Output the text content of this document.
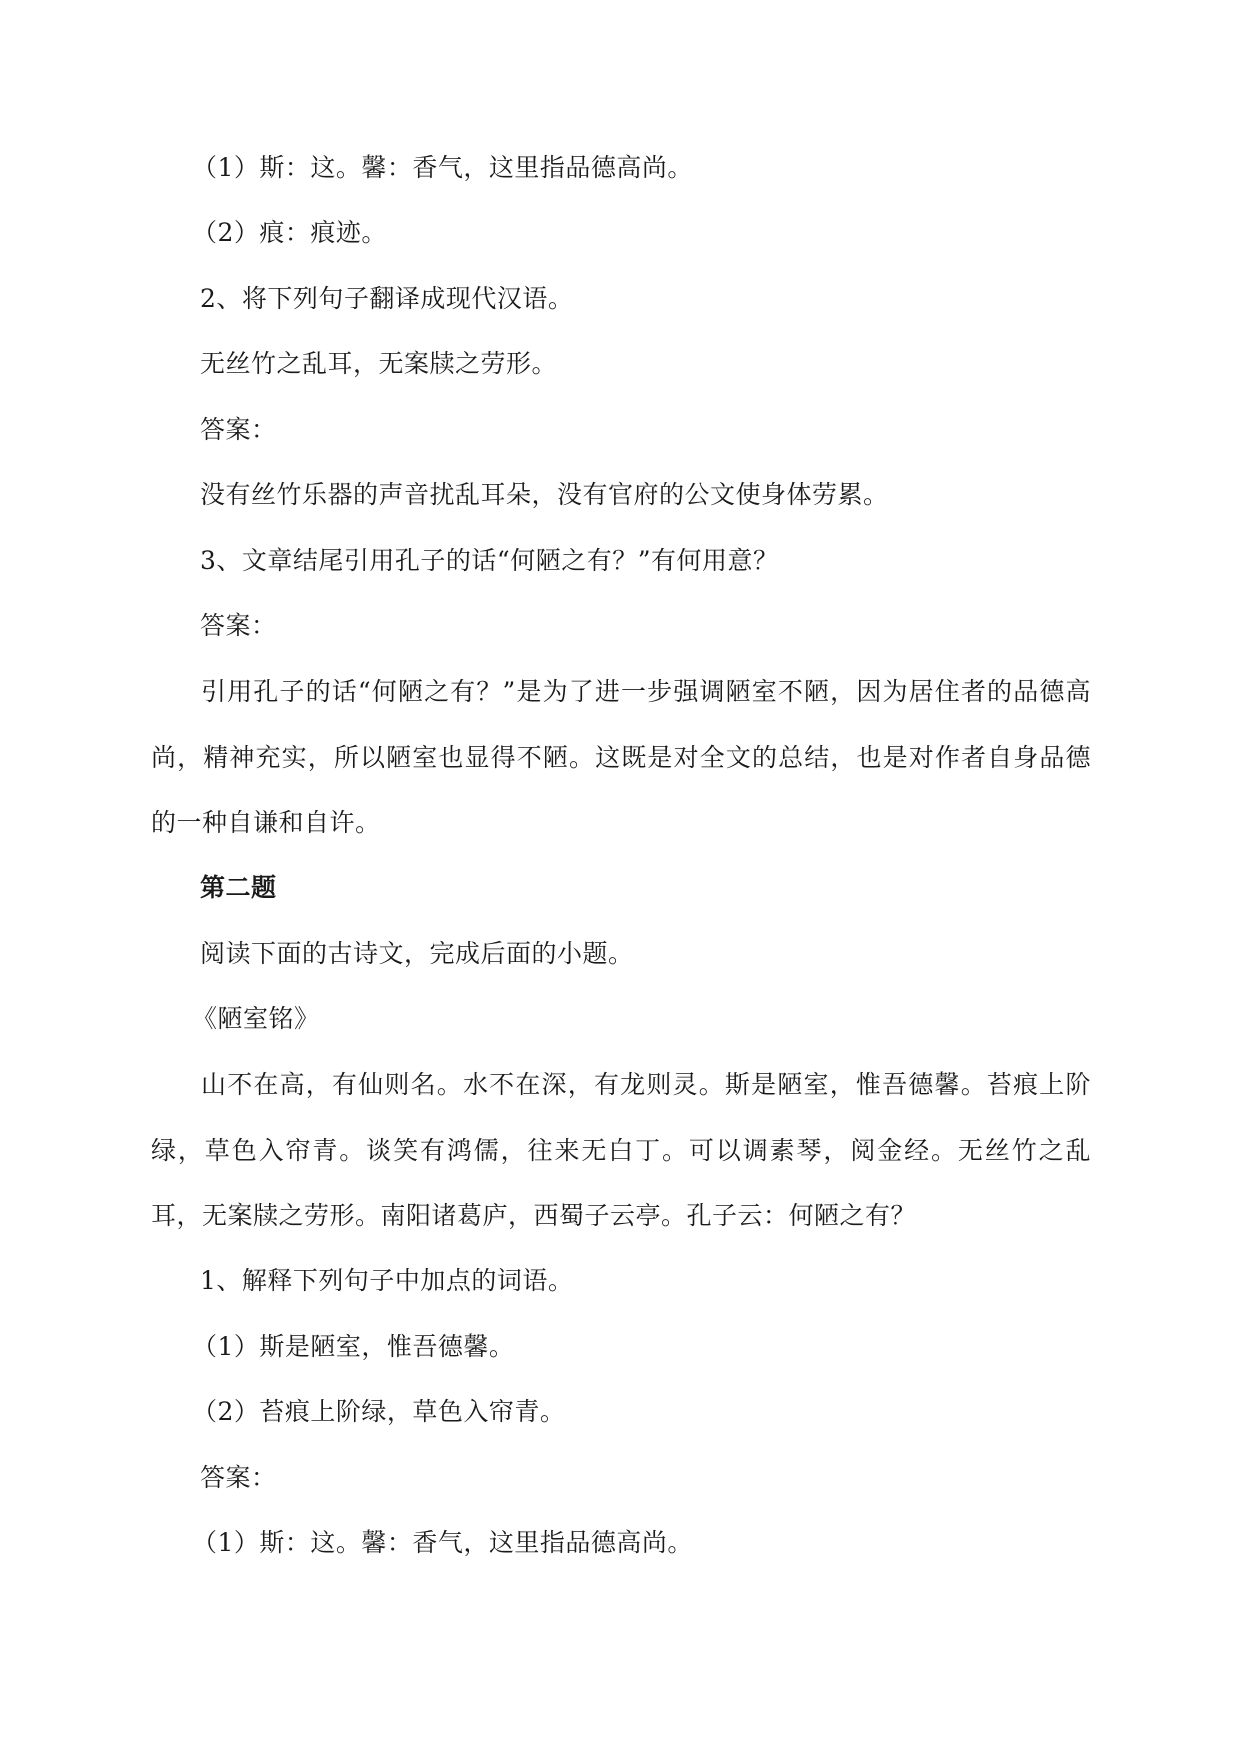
（1）斯：这。馨：香气，这里指品德高尚。
（2）痕：痕迹。
2、将下列句子翻译成现代汉语。
无丝竹之乱耳，无案牍之劳形。
答案：
没有丝竹乐器的声音扰乱耳朵，没有官府的公文使身体劳累。
3、文章结尾引用孔子的话“何陋之有？”有何用意？
答案：
引用孔子的话“何陋之有？”是为了进一步强调陋室不陋，因为居住者的品德高尚，精神充实，所以陋室也显得不陋。这既是对全文的总结，也是对作者自身品德的一种自谦和自许。
第二题
阅读下面的古诗文，完成后面的小题。
《陋室铭》
山不在高，有仙则名。水不在深，有龙则灵。斯是陋室，惟吾德馨。苔痕上阶绿，草色入帘青。谈笑有鸿儒，往来无白丁。可以调素琴，阅金经。无丝竹之乱耳，无案牍之劳形。南阳诸葛庐，西蜀子云亭。孔子云：何陋之有？
1、解释下列句子中加点的词语。
（1）斯是陋室，惟吾德馨。
（2）苔痕上阶绿，草色入帘青。
答案：
（1）斯：这。馨：香气，这里指品德高尚。
